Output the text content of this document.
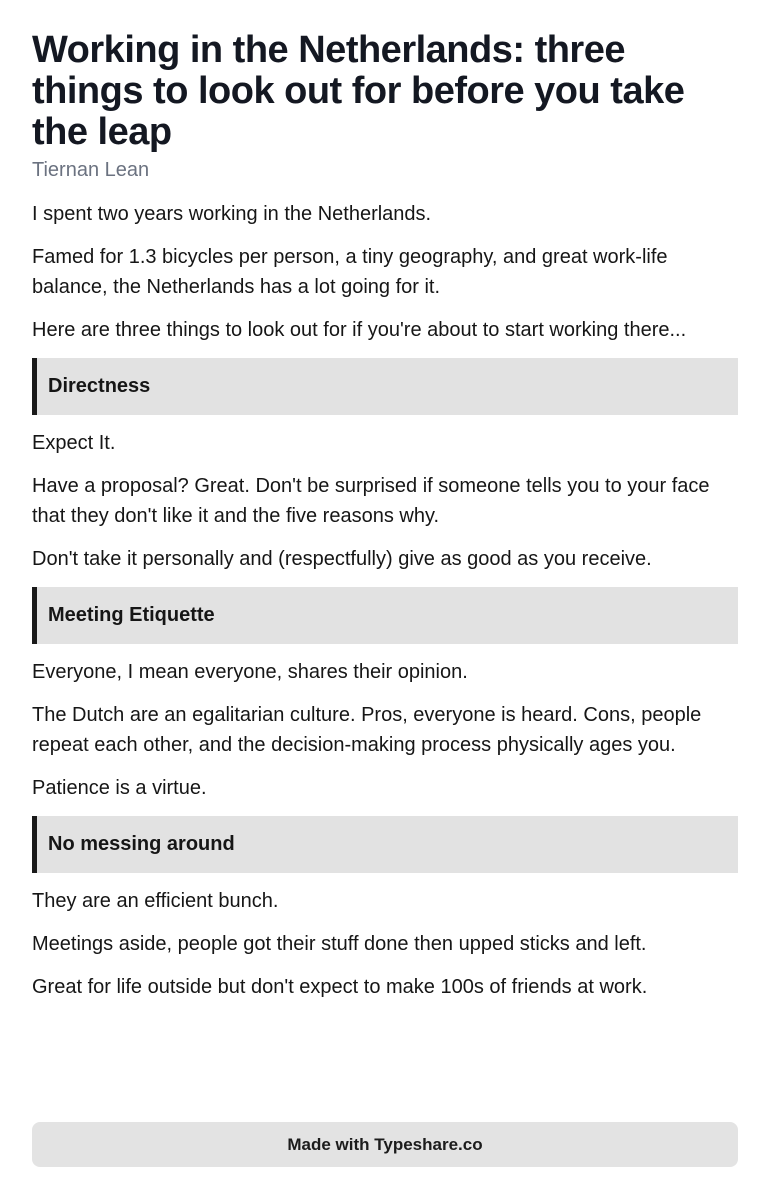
Working in the Netherlands: three things to look out for before you take the leap
Tiernan Lean

I spent two years working in the Netherlands.

Famed for 1.3 bicycles per person, a tiny geography, and great work-life balance, the Netherlands has a lot going for it.

Here are three things to look out for if you're about to start working there...

Directness

Expect It.

Have a proposal? Great. Don't be surprised if someone tells you to your face that they don't like it and the five reasons why.

Don't take it personally and (respectfully) give as good as you receive.

Meeting Etiquette

Everyone, I mean everyone, shares their opinion.

The Dutch are an egalitarian culture. Pros, everyone is heard. Cons, people repeat each other, and the decision-making process physically ages you.

Patience is a virtue.

No messing around

They are an efficient bunch.

Meetings aside, people got their stuff done then upped sticks and left.

Great for life outside but don't expect to make 100s of friends at work.

Made with Typeshare.co
